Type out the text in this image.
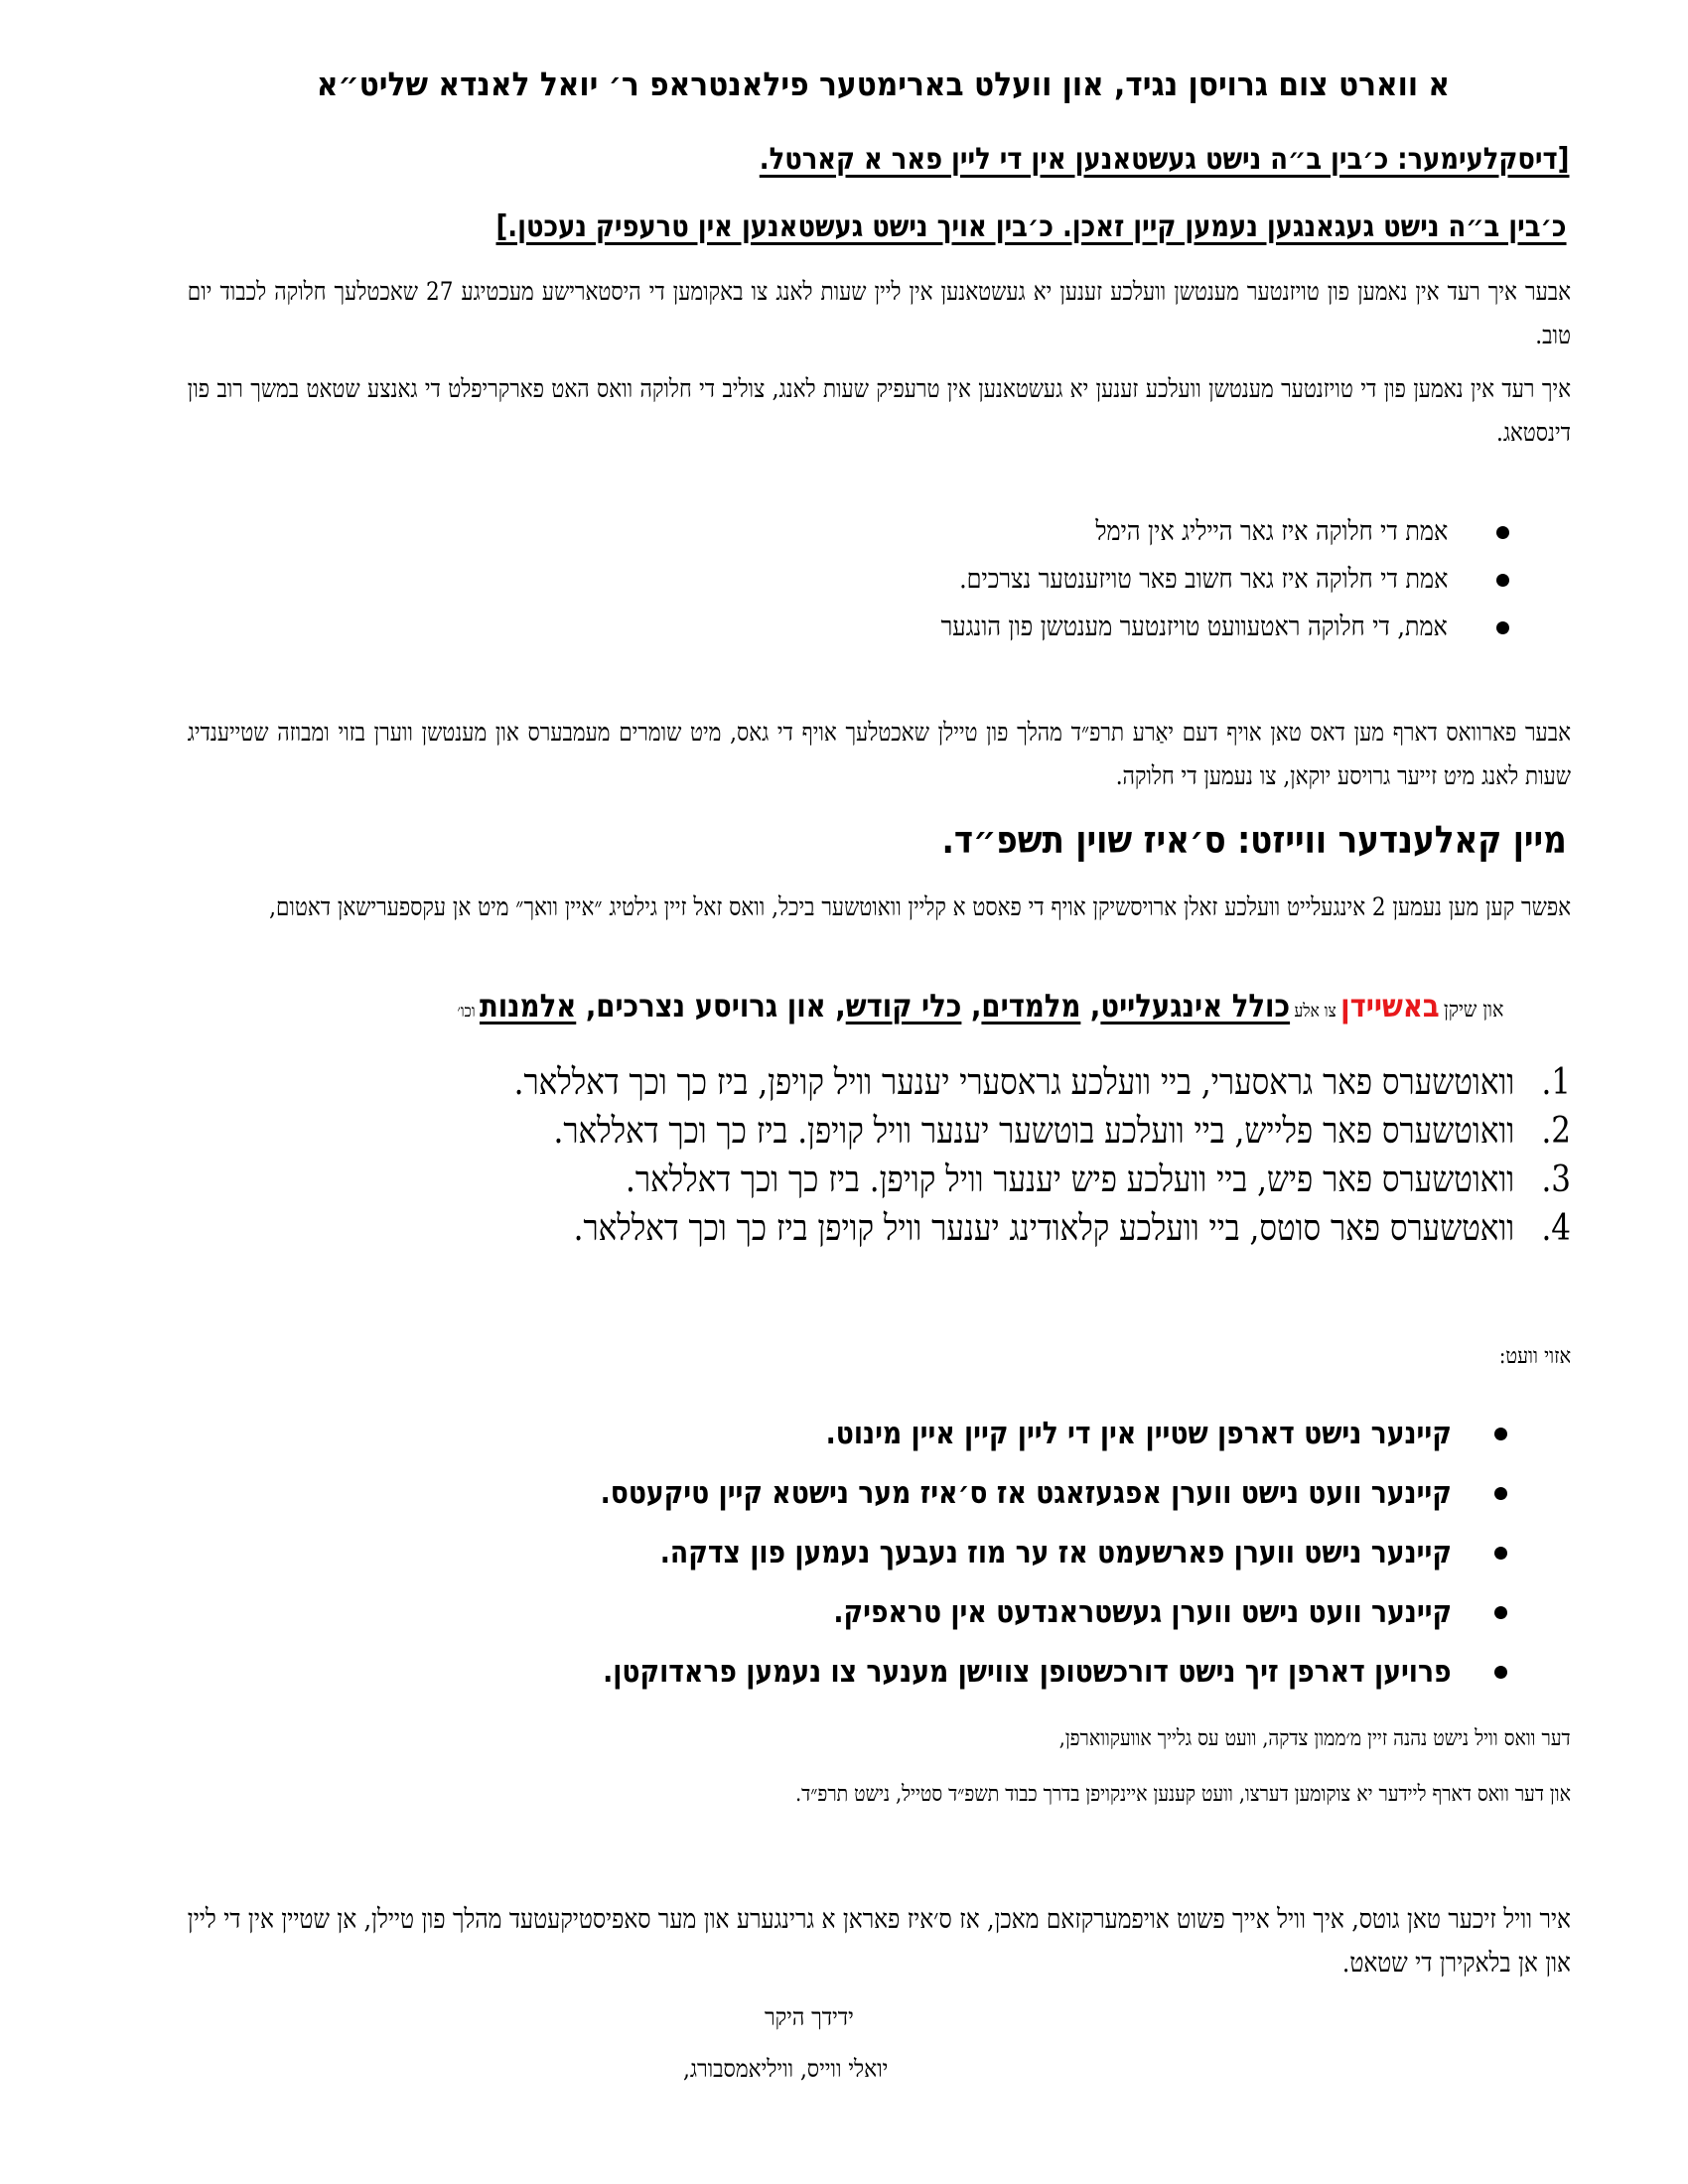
א ווארט צום גרויסן נגיד, און וועלט בארימטער פילאנטראפ ר׳ יואל לאנדא שליט״א
[דיסקלעימער: כ׳בין ב״ה נישט געשטאנען אין די ליין פאר א קארטל.
כ׳בין ב״ה נישט געגאנגען נעמען קיין זאכן. כ׳בין אויך נישט געשטאנען אין טרעפיק נעכטן.]
אבער איך רעד אין נאמען פון טויזנטער מענטשן וועלכע זענען יא געשטאנען אין ליין שעות לאנג צו באקומען די היסטארישע מעכטיגע 27 שאכטלעך חלוקה לכבוד יום טוב.
איך רעד אין נאמען פון די טויזנטער מענטשן וועלכע זענען יא געשטאנען אין טרעפיק שעות לאנג, צוליב די חלוקה וואס האט פארקריפלט די גאנצע שטאט במשך רוב פון דינסטאג.
אמת די חלוקה איז גאר הייליג אין הימל
אמת די חלוקה איז גאר חשוב פאר טויזענטער נצרכים.
אמת, די חלוקה ראטעוועט טויזנטער מענטשן פון הונגער
אבער פארוואס דארף מען דאס טאן אויף דעם יאַרע תרפ״ד מהלך פון טיילן שאכטלעך אויף די גאס, מיט שומרים מעמבערס און מענטשן ווערן בזוי ומבוזה שטייענדיג שעות לאנג מיט זייער גרויסע יוקאן, צו נעמען די חלוקה.
מיין קאלענדער ווייזט: ס׳איז שוין תשפ״ד.
אפשר קען מען נעמען 2 אינגעלייט וועלכע זאלן ארויסשיקן אויף די פאסט א קליין וואוטשער ביכל, וואס זאל זיין גילטיג ״איין וואך״ מיט אן עקספערישאן דאטום,
און שיקן באשיידן צו אלע כולל אינגעלייט, מלמדים, כלי קודש, און גרויסע נצרכים, אלמנות וכו׳
1.וואוטשערס פאר גראסערי, ביי וועלכע גראסערי יענער וויל קויפן, ביז כך וכך דאללאר.
2.וואוטשערס פאר פלייש, ביי וועלכע בוטשער יענער וויל קויפן. ביז כך וכך דאללאר.
3.וואוטשערס פאר פיש, ביי וועלכע פיש יענער וויל קויפן. ביז כך וכך דאללאר.
4.וואטשערס פאר סוטס, ביי וועלכע קלאודינג יענער וויל קויפן ביז כך וכך דאללאר.
אזוי וועט:
קיינער נישט דארפן שטיין אין די ליין קיין איין מינוט.
קיינער וועט נישט ווערן אפגעזאגט אז ס׳איז מער נישטא קיין טיקעטס.
קיינער נישט ווערן פארשעמט אז ער מוז נעבעך נעמען פון צדקה.
קיינער וועט נישט ווערן געשטראנדעט אין טראפיק.
פרויען דארפן זיך נישט דורכשטופן צווישן מענער צו נעמען פראדוקטן.
דער וואס וויל נישט נהנה זיין מ׳ממון צדקה, וועט עס גלייך אוועקווארפן,
און דער וואס דארף ליידער יא צוקומען דערצו, וועט קענען איינקויפן בדרך כבוד תשפ״ד סטייל, נישט תרפ״ד.
איר וויל זיכער טאן גוטס, איך וויל אייך פשוט אויפמערקזאם מאכן, אז ס׳איז פאראן א גרינגערע און מער סאפיסטיקעטעד מהלך פון טיילן, אן שטיין אין די ליין און אן בלאקירן די שטאט.
ידידך היקר
יואלי ווייס, וויליאמסבורג,
